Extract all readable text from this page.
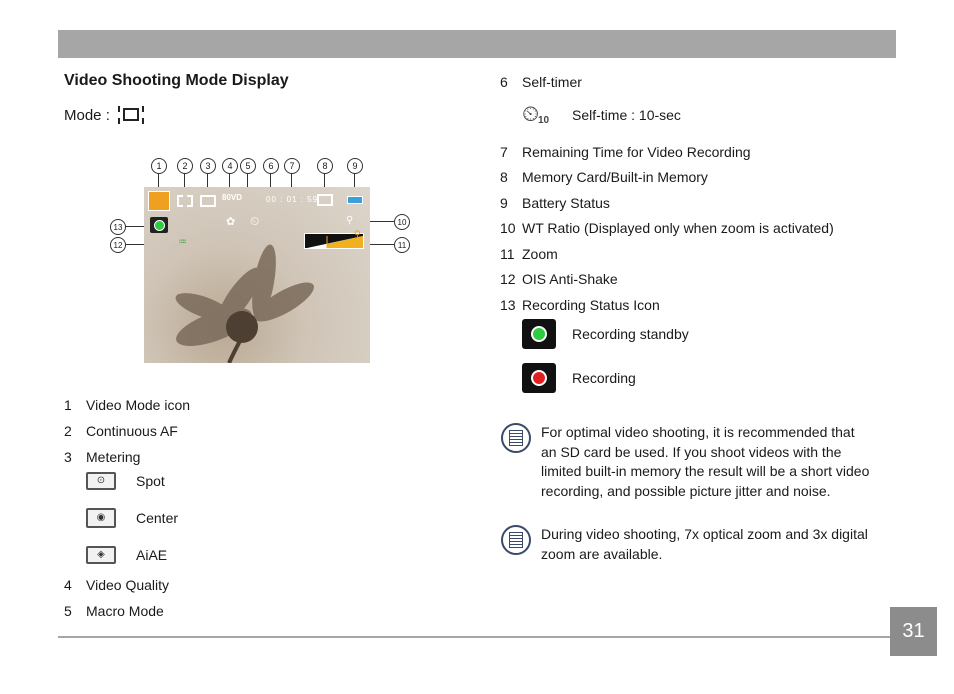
Video Shooting Mode Display
Mode :
1 2 3 4 5 6 7	8	9
13
12
10
11
80VD
✿ ⏲
00 : 01 : 59
♒
⚲
⚲
1	Video Mode icon
2	Continuous AF
3	Metering
⊙ Spot
◉ Center
◈ AiAE
4	Video Quality
5	Macro Mode
6	Self-timer
⏲
10 Self-time : 10-sec
7	Remaining Time for Video Recording
8	Memory Card/Built-in Memory
9	Battery Status
10 WT Ratio (Displayed only when zoom is activated)
11 Zoom
12 OIS Anti-Shake
13 Recording Status Icon
Recording standby
Recording
For optimal video shooting, it is recommended that
an SD card be used. If you shoot videos with the
limited built-in memory the result will be a short video
recording, and possible picture jitter and noise.
During video shooting, 7x optical zoom and 3x digital
zoom are available.
31
